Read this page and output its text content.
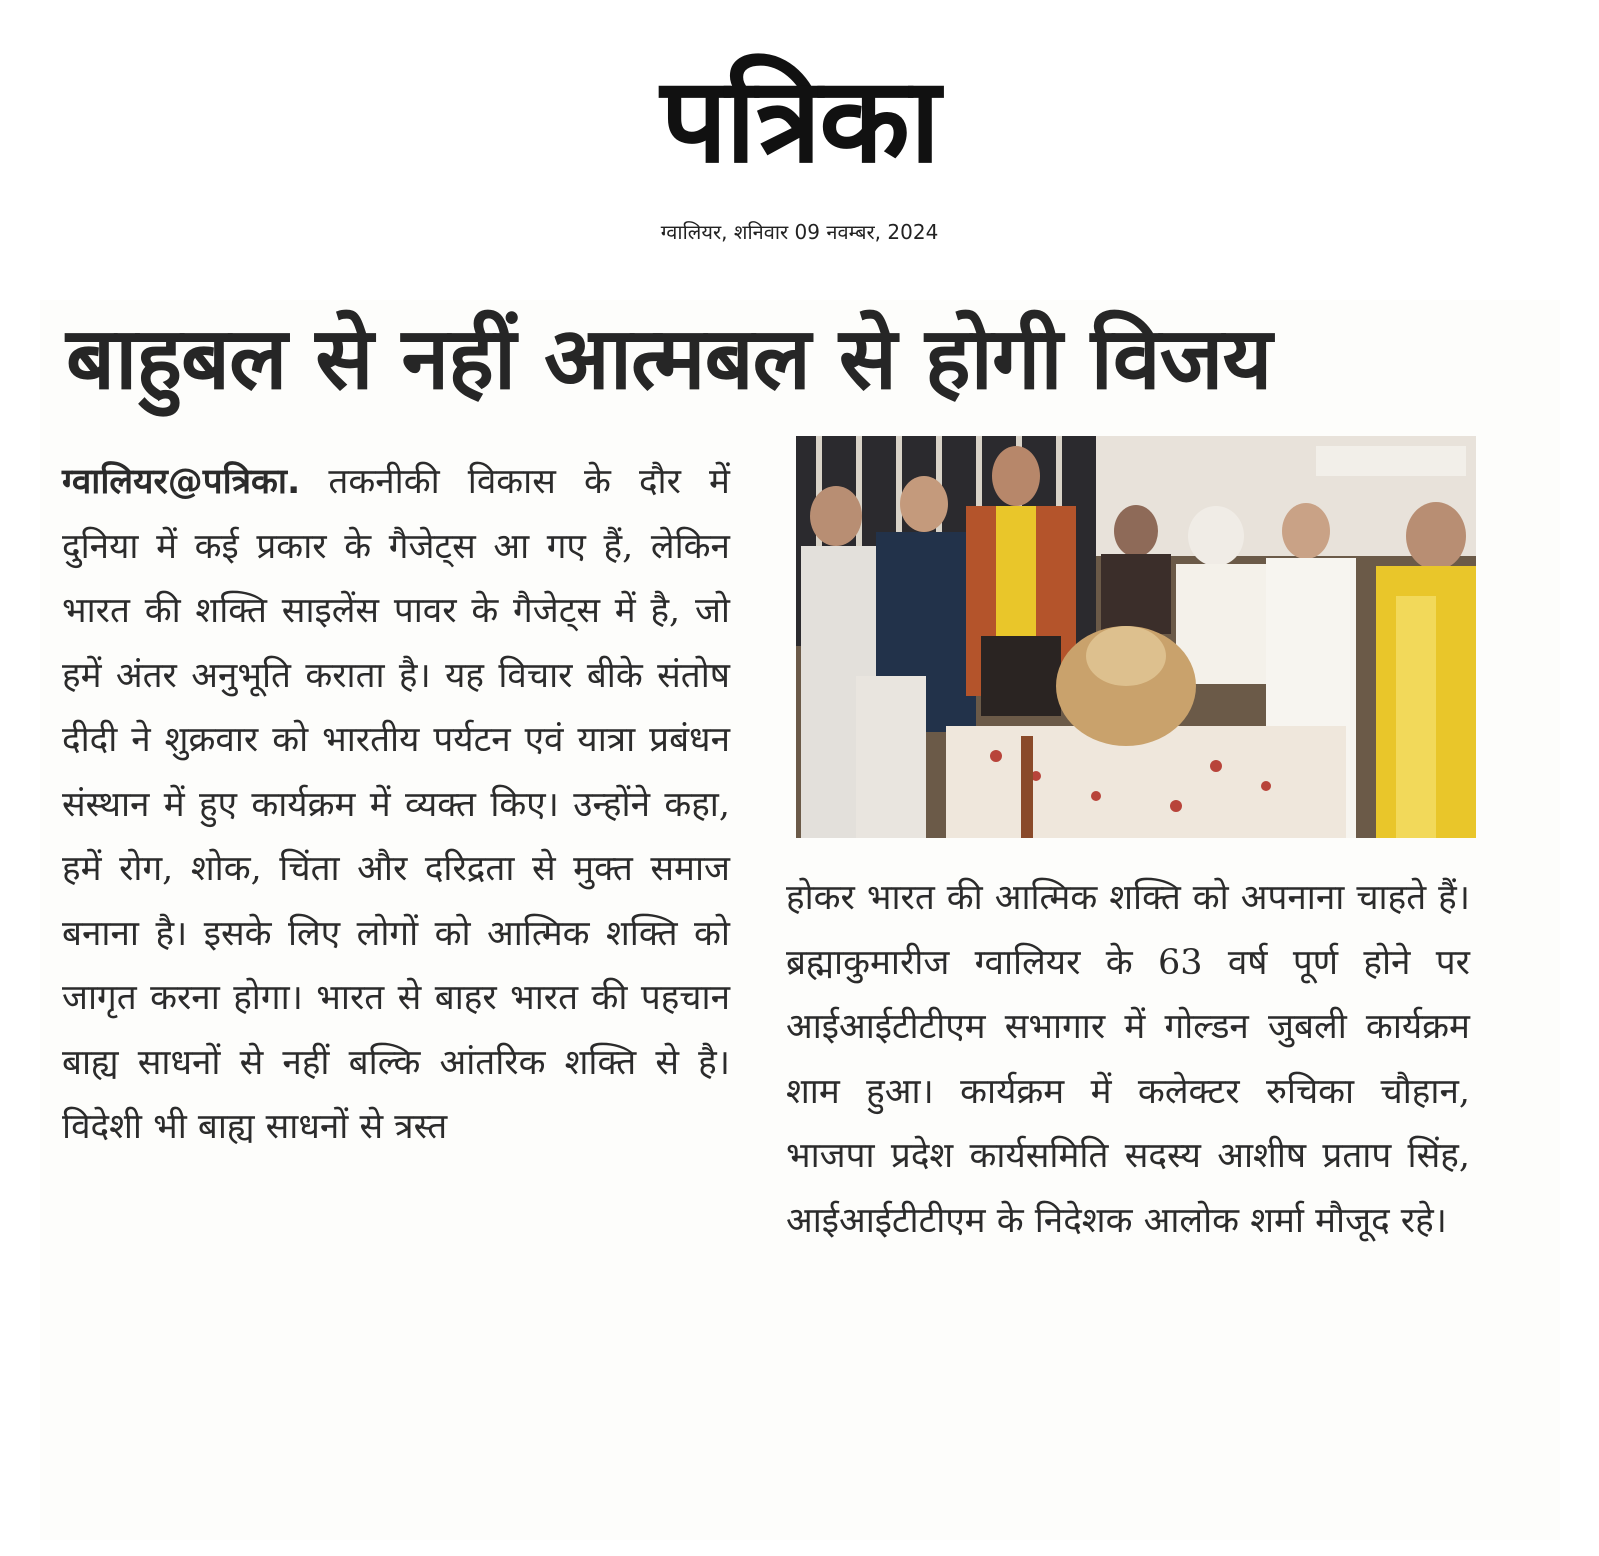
पत्रिका
ग्वालियर, शनिवार 09 नवम्बर, 2024
बाहुबल से नहीं आत्मबल से होगी विजय
ग्वालियर@पत्रिका. तकनीकी विकास के दौर में दुनिया में कई प्रकार के गैजेट्स आ गए हैं, लेकिन भारत की शक्ति साइलेंस पावर के गैजेट्स में है, जो हमें अंतर अनुभूति कराता है। यह विचार बीके संतोष दीदी ने शुक्रवार को भारतीय पर्यटन एवं यात्रा प्रबंधन संस्थान में हुए कार्यक्रम में व्यक्त किए। उन्होंने कहा, हमें रोग, शोक, चिंता और दरिद्रता से मुक्त समाज बनाना है। इसके लिए लोगों को आत्मिक शक्ति को जागृत करना होगा। भारत से बाहर भारत की पहचान बाह्य साधनों से नहीं बल्कि आंतरिक शक्ति से है। विदेशी भी बाह्य साधनों से त्रस्त
होकर भारत की आत्मिक शक्ति को अपनाना चाहते हैं। ब्रह्माकुमारीज ग्वालियर के 63 वर्ष पूर्ण होने पर आईआईटीटीएम सभागार में गोल्डन जुबली कार्यक्रम शाम हुआ। कार्यक्रम में कलेक्टर रुचिका चौहान, भाजपा प्रदेश कार्यसमिति सदस्य आशीष प्रताप सिंह, आईआईटीटीएम के निदेशक आलोक शर्मा मौजूद रहे।
